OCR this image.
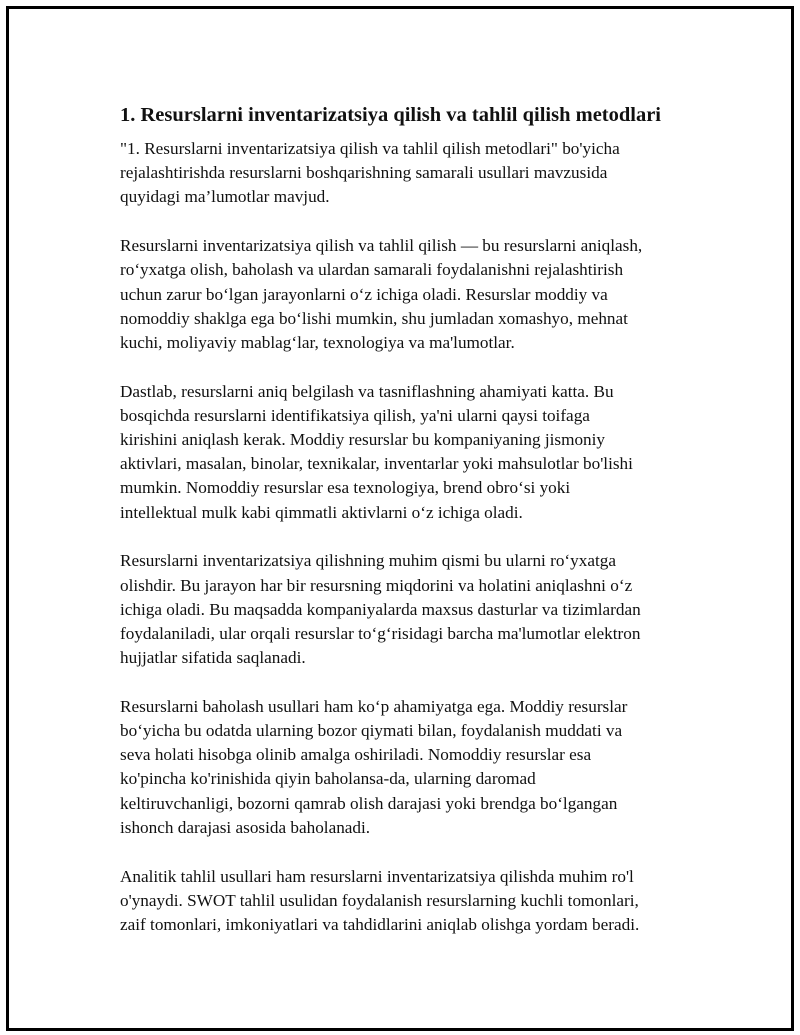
1. Resurslarni inventarizatsiya qilish va tahlil qilish metodlari

"1. Resurslarni inventarizatsiya qilish va tahlil qilish metodlari" bo'yicha
rejalashtirishda resurslarni boshqarishning samarali usullari mavzusida
quyidagi ma’lumotlar mavjud.

Resurslarni inventarizatsiya qilish va tahlil qilish — bu resurslarni aniqlash,
ro‘yxatga olish, baholash va ulardan samarali foydalanishni rejalashtirish
uchun zarur bo‘lgan jarayonlarni o‘z ichiga oladi. Resurslar moddiy va
nomoddiy shaklga ega bo‘lishi mumkin, shu jumladan xomashyo, mehnat
kuchi, moliyaviy mablag‘lar, texnologiya va ma'lumotlar.

Dastlab, resurslarni aniq belgilash va tasniflashning ahamiyati katta. Bu
bosqichda resurslarni identifikatsiya qilish, ya'ni ularni qaysi toifaga
kirishini aniqlash kerak. Moddiy resurslar bu kompaniyaning jismoniy
aktivlari, masalan, binolar, texnikalar, inventarlar yoki mahsulotlar bo'lishi
mumkin. Nomoddiy resurslar esa texnologiya, brend obro‘si yoki
intellektual mulk kabi qimmatli aktivlarni o‘z ichiga oladi.

Resurslarni inventarizatsiya qilishning muhim qismi bu ularni ro‘yxatga
olishdir. Bu jarayon har bir resursning miqdorini va holatini aniqlashni o‘z
ichiga oladi. Bu maqsadda kompaniyalarda maxsus dasturlar va tizimlardan
foydalaniladi, ular orqali resurslar to‘g‘risidagi barcha ma'lumotlar elektron
hujjatlar sifatida saqlanadi.

Resurslarni baholash usullari ham ko‘p ahamiyatga ega. Moddiy resurslar
bo‘yicha bu odatda ularning bozor qiymati bilan, foydalanish muddati va
seva holati hisobga olinib amalga oshiriladi. Nomoddiy resurslar esa
ko'pincha ko'rinishida qiyin baholansa-da, ularning daromad
keltiruvchanligi, bozorni qamrab olish darajasi yoki brendga bo‘lgangan
ishonch darajasi asosida baholanadi.

Analitik tahlil usullari ham resurslarni inventarizatsiya qilishda muhim ro'l
o'ynaydi. SWOT tahlil usulidan foydalanish resurslarning kuchli tomonlari,
zaif tomonlari, imkoniyatlari va tahdidlarini aniqlab olishga yordam beradi.
